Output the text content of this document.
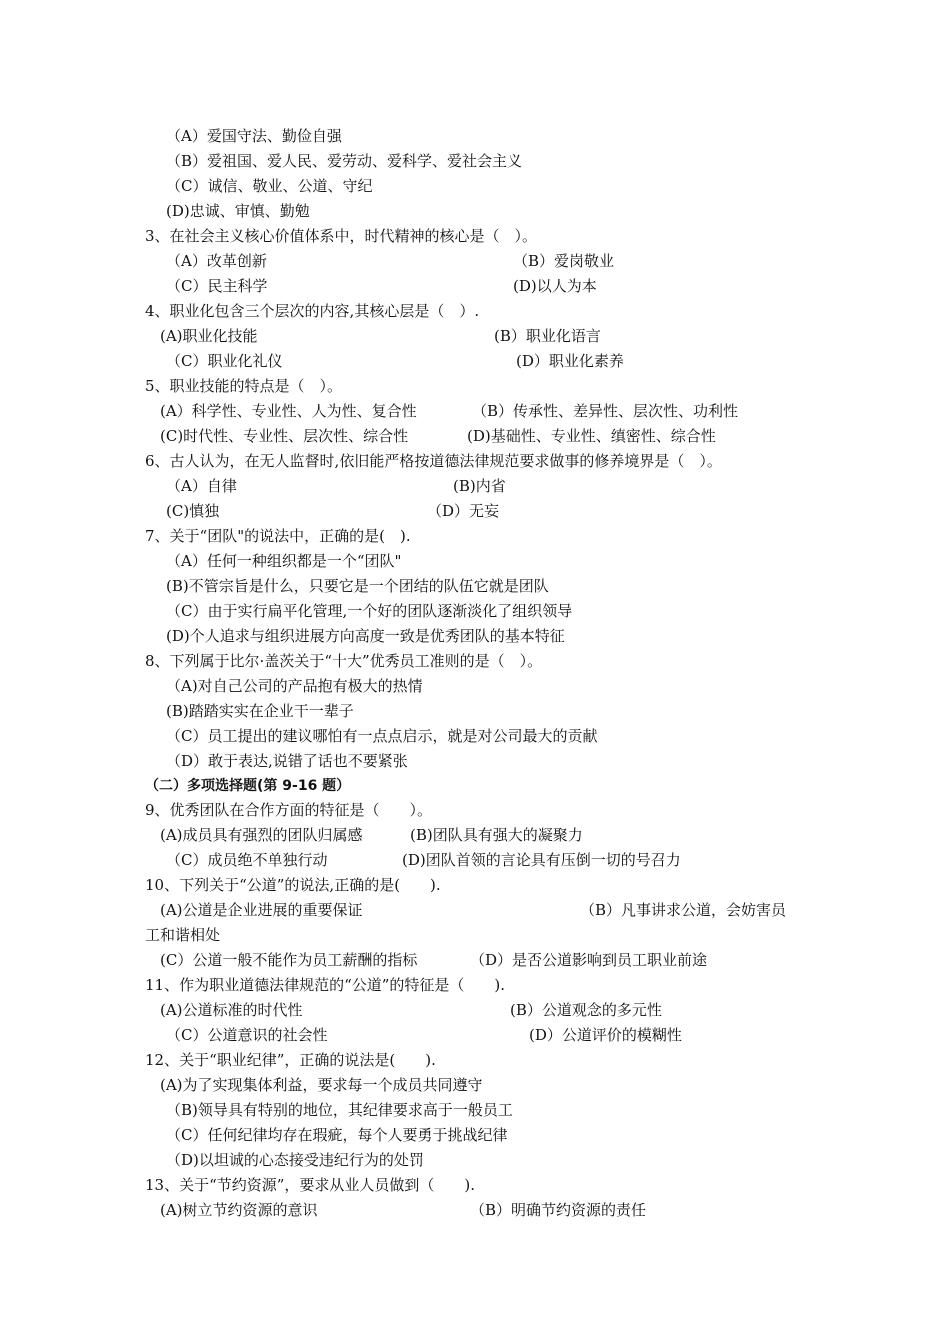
（A）爱国守法、勤俭自强
（B）爱祖国、爱人民、爱劳动、爱科学、爱社会主义
（C）诚信、敬业、公道、守纪
(D)忠诚、审慎、勤勉
3、在社会主义核心价值体系中，时代精神的核心是（　）。
（A）改革创新	（B）爱岗敬业
（C）民主科学	(D)以人为本
4、职业化包含三个层次的内容,其核心层是（　）.
(A)职业化技能	(B）职业化语言
（C）职业化礼仪	(D）职业化素养
5、职业技能的特点是（　）。
(A）科学性、专业性、人为性、复合性	（B）传承性、差异性、层次性、功利性
(C)时代性、专业性、层次性、综合性	(D)基础性、专业性、缜密性、综合性
6、古人认为，在无人监督时,依旧能严格按道德法律规范要求做事的修养境界是（　）。
（A）自律	(B)内省
(C)慎独	（D）无妄
7、关于“团队"的说法中，正确的是(　).
（A）任何一种组织都是一个“团队"
(B)不管宗旨是什么，只要它是一个团结的队伍它就是团队
（C）由于实行扁平化管理,一个好的团队逐渐淡化了组织领导
(D)个人追求与组织进展方向高度一致是优秀团队的基本特征
8、下列属于比尔·盖茨关于“十大”优秀员工准则的是（　）。
（A)对自己公司的产品抱有极大的热情
(B)踏踏实实在企业干一辈子
（C）员工提出的建议哪怕有一点点启示，就是对公司最大的贡献
（D）敢于表达,说错了话也不要紧张
（二）多项选择题(第 9-16 题）
9、优秀团队在合作方面的特征是（　　）。
(A)成员具有强烈的团队归属感	(B)团队具有强大的凝聚力
（C）成员绝不单独行动	(D)团队首领的言论具有压倒一切的号召力
10、下列关于“公道”的说法,正确的是(　　).
(A)公道是企业进展的重要保证	（B）凡事讲求公道，会妨害员
工和谐相处
(C）公道一般不能作为员工薪酬的指标	（D）是否公道影响到员工职业前途
11、作为职业道德法律规范的“公道”的特征是（　　).
(A)公道标准的时代性	(B）公道观念的多元性
（C）公道意识的社会性	(D）公道评价的模糊性
12、关于“职业纪律”，正确的说法是(　　).
(A)为了实现集体利益，要求每一个成员共同遵守
（B)领导具有特别的地位，其纪律要求高于一般员工
（C）任何纪律均存在瑕疵，每个人要勇于挑战纪律
（D)以坦诚的心态接受违纪行为的处罚
13、关于“节约资源”，要求从业人员做到（　　).
(A)树立节约资源的意识	（B）明确节约资源的责任
